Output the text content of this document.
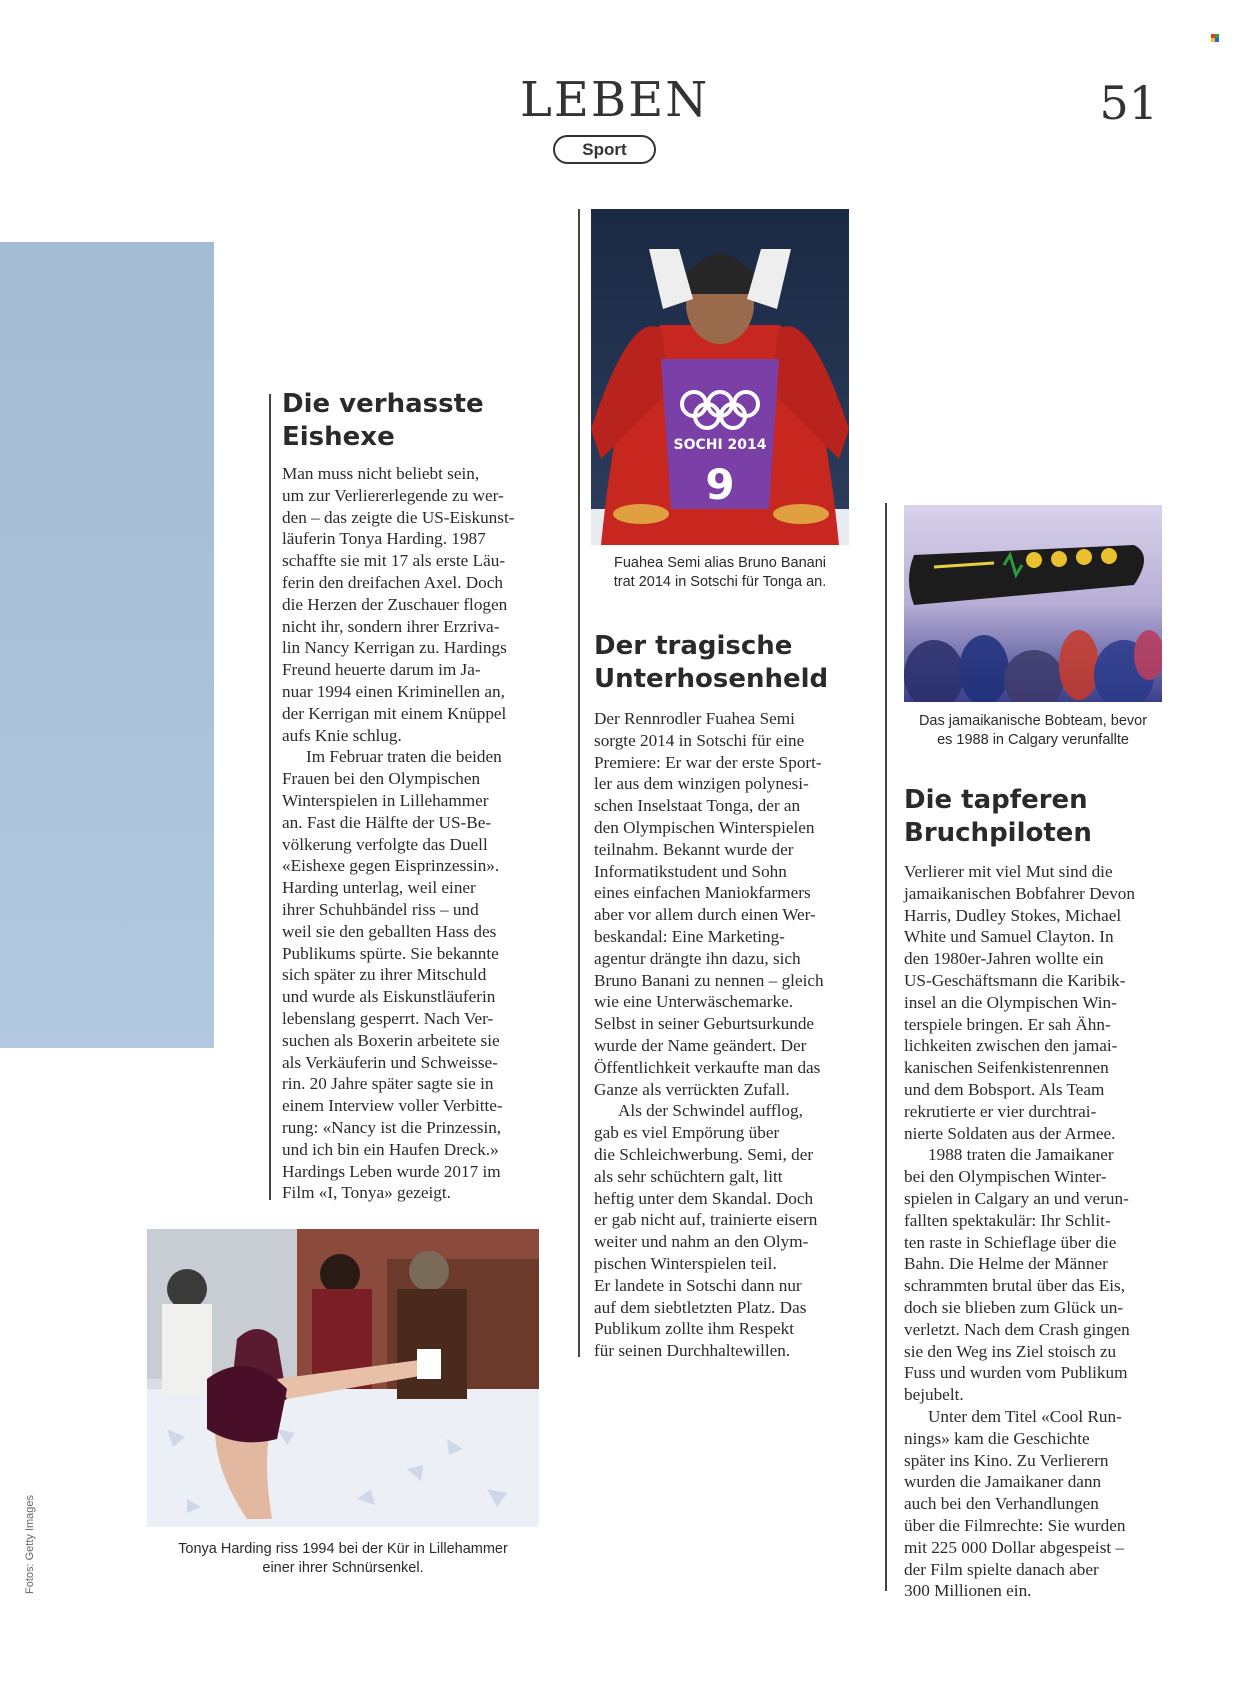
LEBEN
Sport
51
Die verhasste
Eishexe
Man muss nicht beliebt sein,
um zur Verliererlegende zu wer-
den – das zeigte die US-Eiskunst-
läuferin Tonya Harding. 1987
schaffte sie mit 17 als erste Läu-
ferin den dreifachen Axel. Doch
die Herzen der Zuschauer flogen
nicht ihr, sondern ihrer Erzriva-
lin Nancy Kerrigan zu. Hardings
Freund heuerte darum im Ja-
nuar 1994 einen Kriminellen an,
der Kerrigan mit einem Knüppel
aufs Knie schlug.
Im Februar traten die beiden
Frauen bei den Olympischen
Winterspielen in Lillehammer
an. Fast die Hälfte der US-Be-
völkerung verfolgte das Duell
«Eishexe gegen Eisprinzessin».
Harding unterlag, weil einer
ihrer Schuhbändel riss – und
weil sie den geballten Hass des
Publikums spürte. Sie bekannte
sich später zu ihrer Mitschuld
und wurde als Eiskunstläuferin
lebenslang gesperrt. Nach Ver-
suchen als Boxerin arbeitete sie
als Verkäuferin und Schweisse-
rin. 20 Jahre später sagte sie in
einem Interview voller Verbitte-
rung: «Nancy ist die Prinzessin,
und ich bin ein Haufen Dreck.»
Hardings Leben wurde 2017 im
Film «I, Tonya» gezeigt.
Tonya Harding riss 1994 bei der Kür in Lillehammer
einer ihrer Schnürsenkel.
SOCHI 2014
9
Fuahea Semi alias Bruno Banani
trat 2014 in Sotschi für Tonga an.
Der tragische
Unterhosenheld
Der Rennrodler Fuahea Semi
sorgte 2014 in Sotschi für eine
Premiere: Er war der erste Sport-
ler aus dem winzigen polynesi-
schen Inselstaat Tonga, der an
den Olympischen Winterspielen
teilnahm. Bekannt wurde der
Informatikstudent und Sohn
eines einfachen Maniokfarmers
aber vor allem durch einen Wer-
beskandal: Eine Marketing-
agentur drängte ihn dazu, sich
Bruno Banani zu nennen – gleich
wie eine Unterwäschemarke.
Selbst in seiner Geburtsurkunde
wurde der Name geändert. Der
Öffentlichkeit verkaufte man das
Ganze als verrückten Zufall.
Als der Schwindel aufflog,
gab es viel Empörung über
die Schleichwerbung. Semi, der
als sehr schüchtern galt, litt
heftig unter dem Skandal. Doch
er gab nicht auf, trainierte eisern
weiter und nahm an den Olym-
pischen Winterspielen teil.
Er landete in Sotschi dann nur
auf dem siebtletzten Platz. Das
Publikum zollte ihm Respekt
für seinen Durchhaltewillen.
Das jamaikanische Bobteam, bevor
es 1988 in Calgary verunfallte
Die tapferen
Bruchpiloten
Verlierer mit viel Mut sind die
jamaikanischen Bobfahrer Devon
Harris, Dudley Stokes, Michael
White und Samuel Clayton. In
den 1980er-Jahren wollte ein
US-Geschäftsmann die Karibik-
insel an die Olympischen Win-
terspiele bringen. Er sah Ähn-
lichkeiten zwischen den jamai-
kanischen Seifenkistenrennen
und dem Bobsport. Als Team
rekrutierte er vier durchtrai-
nierte Soldaten aus der Armee.
1988 traten die Jamaikaner
bei den Olympischen Winter-
spielen in Calgary an und verun-
fallten spektakulär: Ihr Schlit-
ten raste in Schieflage über die
Bahn. Die Helme der Männer
schrammten brutal über das Eis,
doch sie blieben zum Glück un-
verletzt. Nach dem Crash gingen
sie den Weg ins Ziel stoisch zu
Fuss und wurden vom Publikum
bejubelt.
Unter dem Titel «Cool Run-
nings» kam die Geschichte
später ins Kino. Zu Verlierern
wurden die Jamaikaner dann
auch bei den Verhandlungen
über die Filmrechte: Sie wurden
mit 225 000 Dollar abgespeist –
der Film spielte danach aber
300 Millionen ein.
Fotos: Getty Images
